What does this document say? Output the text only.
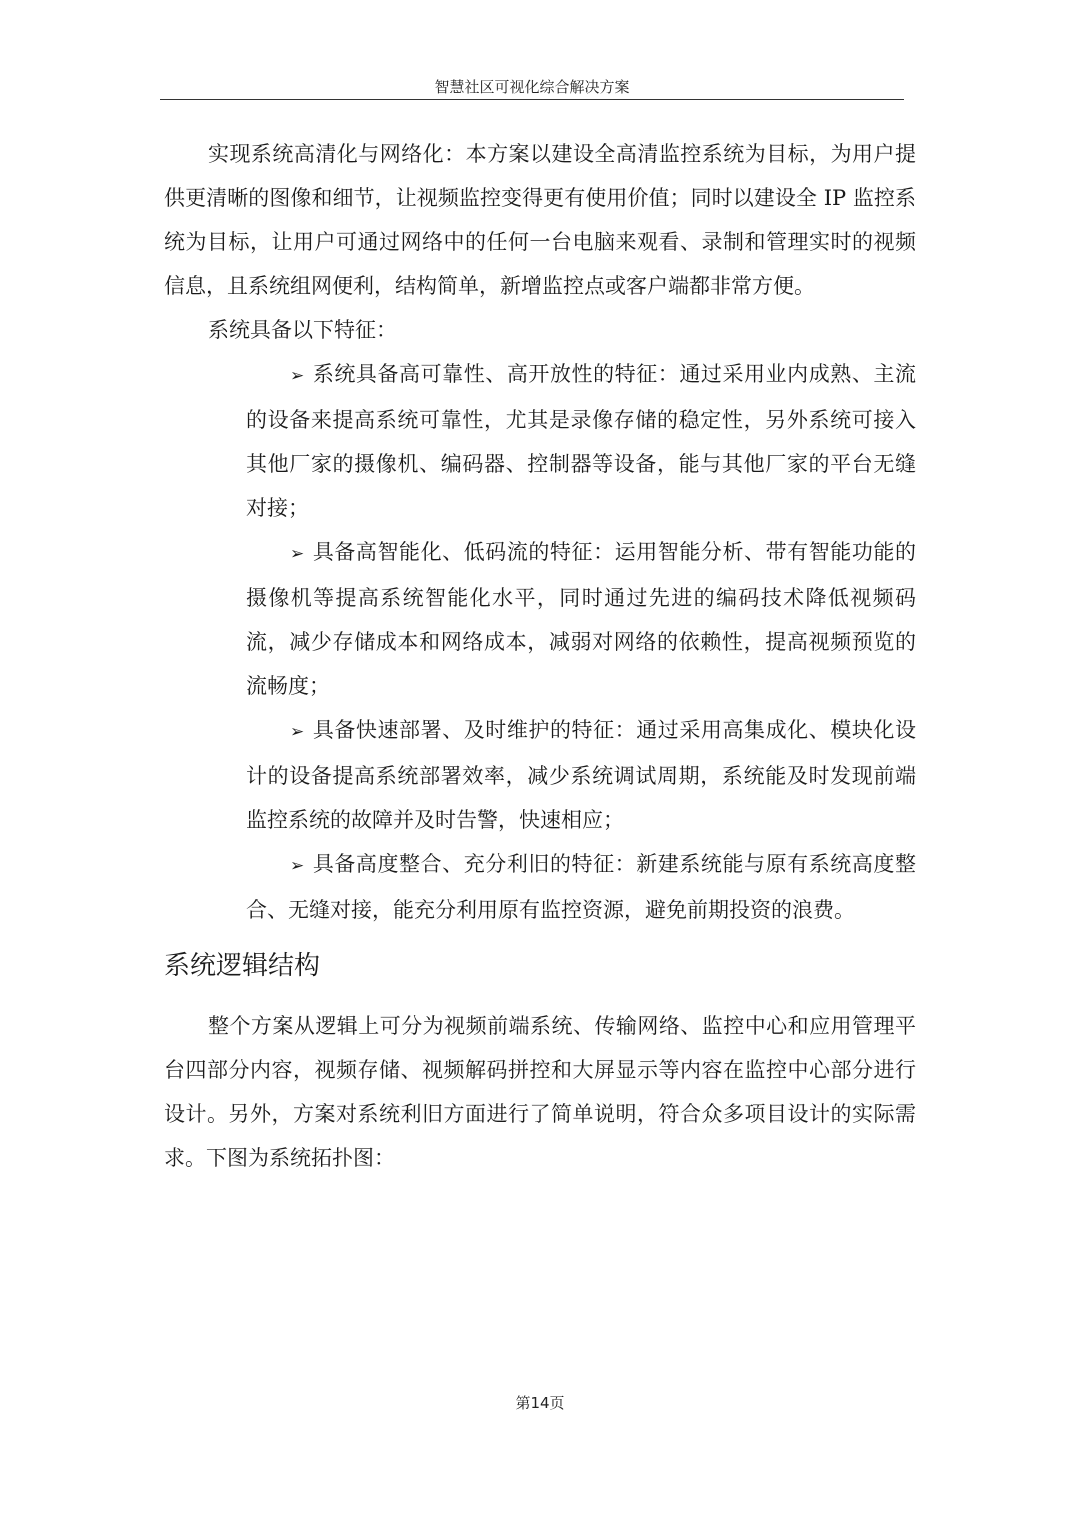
智慧社区可视化综合解决方案

实现系统高清化与网络化：本方案以建设全高清监控系统为目标，为用户提供更清晰的图像和细节，让视频监控变得更有使用价值；同时以建设全 IP 监控系统为目标，让用户可通过网络中的任何一台电脑来观看、录制和管理实时的视频信息，且系统组网便利，结构简单，新增监控点或客户端都非常方便。

系统具备以下特征：

➢ 系统具备高可靠性、高开放性的特征：通过采用业内成熟、主流的设备来提高系统可靠性，尤其是录像存储的稳定性，另外系统可接入其他厂家的摄像机、编码器、控制器等设备，能与其他厂家的平台无缝对接；
➢ 具备高智能化、低码流的特征：运用智能分析、带有智能功能的摄像机等提高系统智能化水平，同时通过先进的编码技术降低视频码流，减少存储成本和网络成本，减弱对网络的依赖性，提高视频预览的流畅度；
➢ 具备快速部署、及时维护的特征：通过采用高集成化、模块化设计的设备提高系统部署效率，减少系统调试周期，系统能及时发现前端监控系统的故障并及时告警，快速相应；
➢ 具备高度整合、充分利旧的特征：新建系统能与原有系统高度整合、无缝对接，能充分利用原有监控资源，避免前期投资的浪费。
系统逻辑结构

整个方案从逻辑上可分为视频前端系统、传输网络、监控中心和应用管理平台四部分内容，视频存储、视频解码拼控和大屏显示等内容在监控中心部分进行设计。另外，方案对系统利旧方面进行了简单说明，符合众多项目设计的实际需求。下图为系统拓扑图：

第14页
